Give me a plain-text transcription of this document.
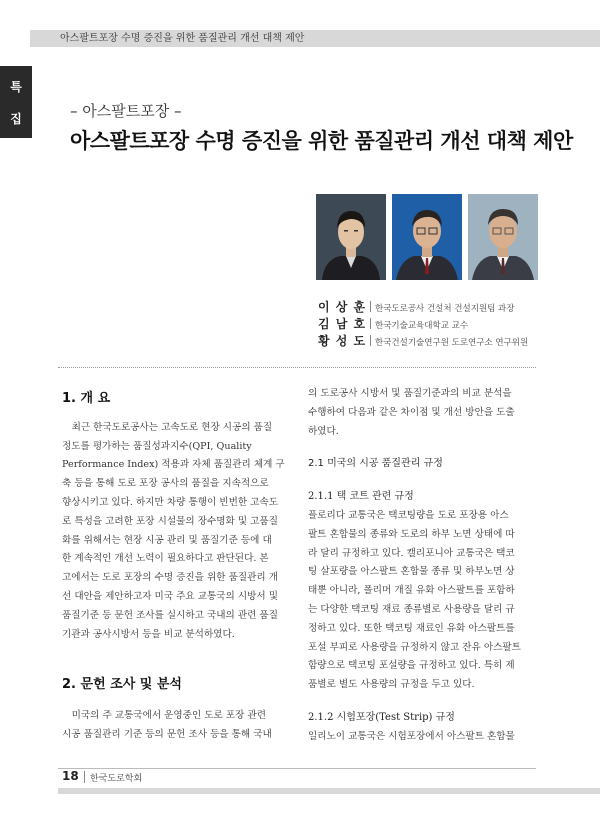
아스팔트포장 수명 증진을 위한 품질관리 개선 대책 제안
특
집	– 아스팔트포장 –
아스팔트포장 수명 증진을 위한 품질관리 개선 대책 제안
이 상 훈 한국도로공사 건설처 건설지원팀 과장
김 남 호 한국기술교육대학교 교수
황 성 도 한국건설기술연구원 도로연구소 연구위원
1. 개 요

　최근 한국도로공사는 고속도로 현장 시공의 품질

정도를 평가하는 품질성과지수(QPI, Quality

Performance Index) 적용과 자체 품질관리 체계 구

축 등을 통해 도로 포장 공사의 품질을 지속적으로

향상시키고 있다. 하지만 차량 통행이 빈번한 고속도

로 특성을 고려한 포장 시설물의 장수명화 및 고품질

화를 위해서는 현장 시공 관리 및 품질기준 등에 대

한 계속적인 개선 노력이 필요하다고 판단된다. 본

고에서는 도로 포장의 수명 증진을 위한 품질관리 개

선 대안을 제안하고자 미국 주요 교통국의 시방서 및

품질기준 등 문헌 조사를 실시하고 국내의 관련 품질

기관과 공사시방서 등을 비교 분석하였다.

2. 문헌 조사 및 분석

　미국의 주 교통국에서 운영중인 도로 포장 관련

시공 품질관리 기준 등의 문헌 조사 등을 통해 국내

의 도로공사 시방서 및 품질기준과의 비교 분석을

수행하여 다음과 같은 차이점 및 개선 방안을 도출

하였다.

2.1 미국의 시공 품질관리 규정
2.1.1 택 코트 관련 규정

플로리다 교통국은 택코팅량을 도로 포장용 아스

팔트 혼합물의 종류와 도로의 하부 노면 상태에 따

라 달리 규정하고 있다. 캘리포니아 교통국은 택코

팅 살포량을 아스팔트 혼합물 종류 및 하부노면 상

태뿐 아니라, 폴리머 개질 유화 아스팔트를 포함하

는 다양한 택코팅 재료 종류별로 사용량을 달리 규

정하고 있다. 또한 택코팅 재료인 유화 아스팔트를

포설 부피로 사용량을 규정하지 않고 잔유 아스팔트

함량으로 택코팅 포설량을 규정하고 있다. 특히 제

품별로 별도 사용량의 규정을 두고 있다.

2.1.2 시험포장(Test Strip) 규정

일리노이 교통국은 시험포장에서 아스팔트 혼합물

18 한국도로학회
